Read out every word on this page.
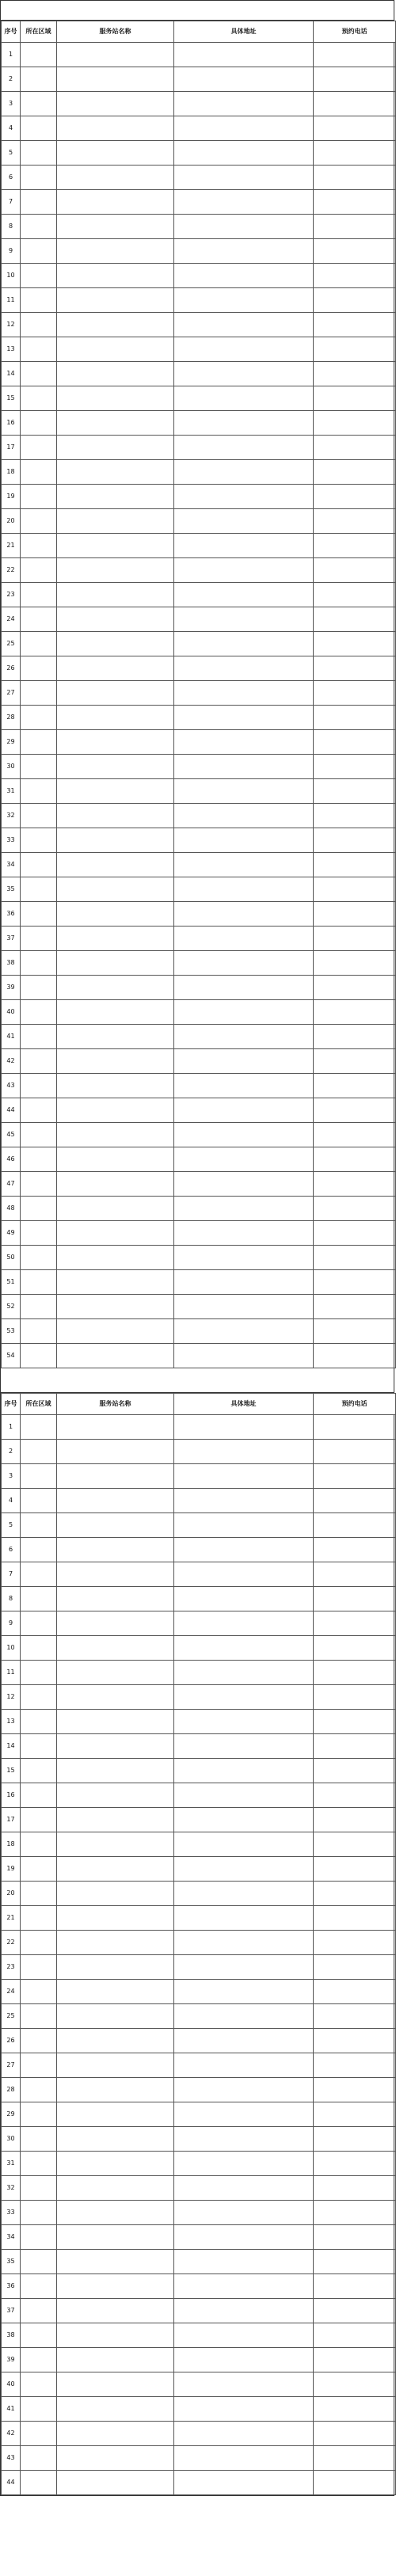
序号	所在区域	服务站名称	具体地址	预约电话
1				
2				
3				
4				
5				
6				
7				
8				
9				
10				
11				
12				
13				
14				
15				
16				
17				
18				
19				
20				
21				
22				
23				
24				
25				
26				
27				
28				
29				
30				
31				
32				
33				
34				
35				
36				
37				
38				
39				
40				
41				
42				
43				
44				
45				
46				
47				
48				
49				
50				
51				
52				
53				
54				
序号	所在区域	服务站名称	具体地址	预约电话
1				
2				
3				
4				
5				
6				
7				
8				
9				
10				
11				
12				
13				
14				
15				
16				
17				
18				
19				
20				
21				
22				
23				
24				
25				
26				
27				
28				
29				
30				
31				
32				
33				
34				
35				
36				
37				
38				
39				
40				
41				
42				
43				
44				
